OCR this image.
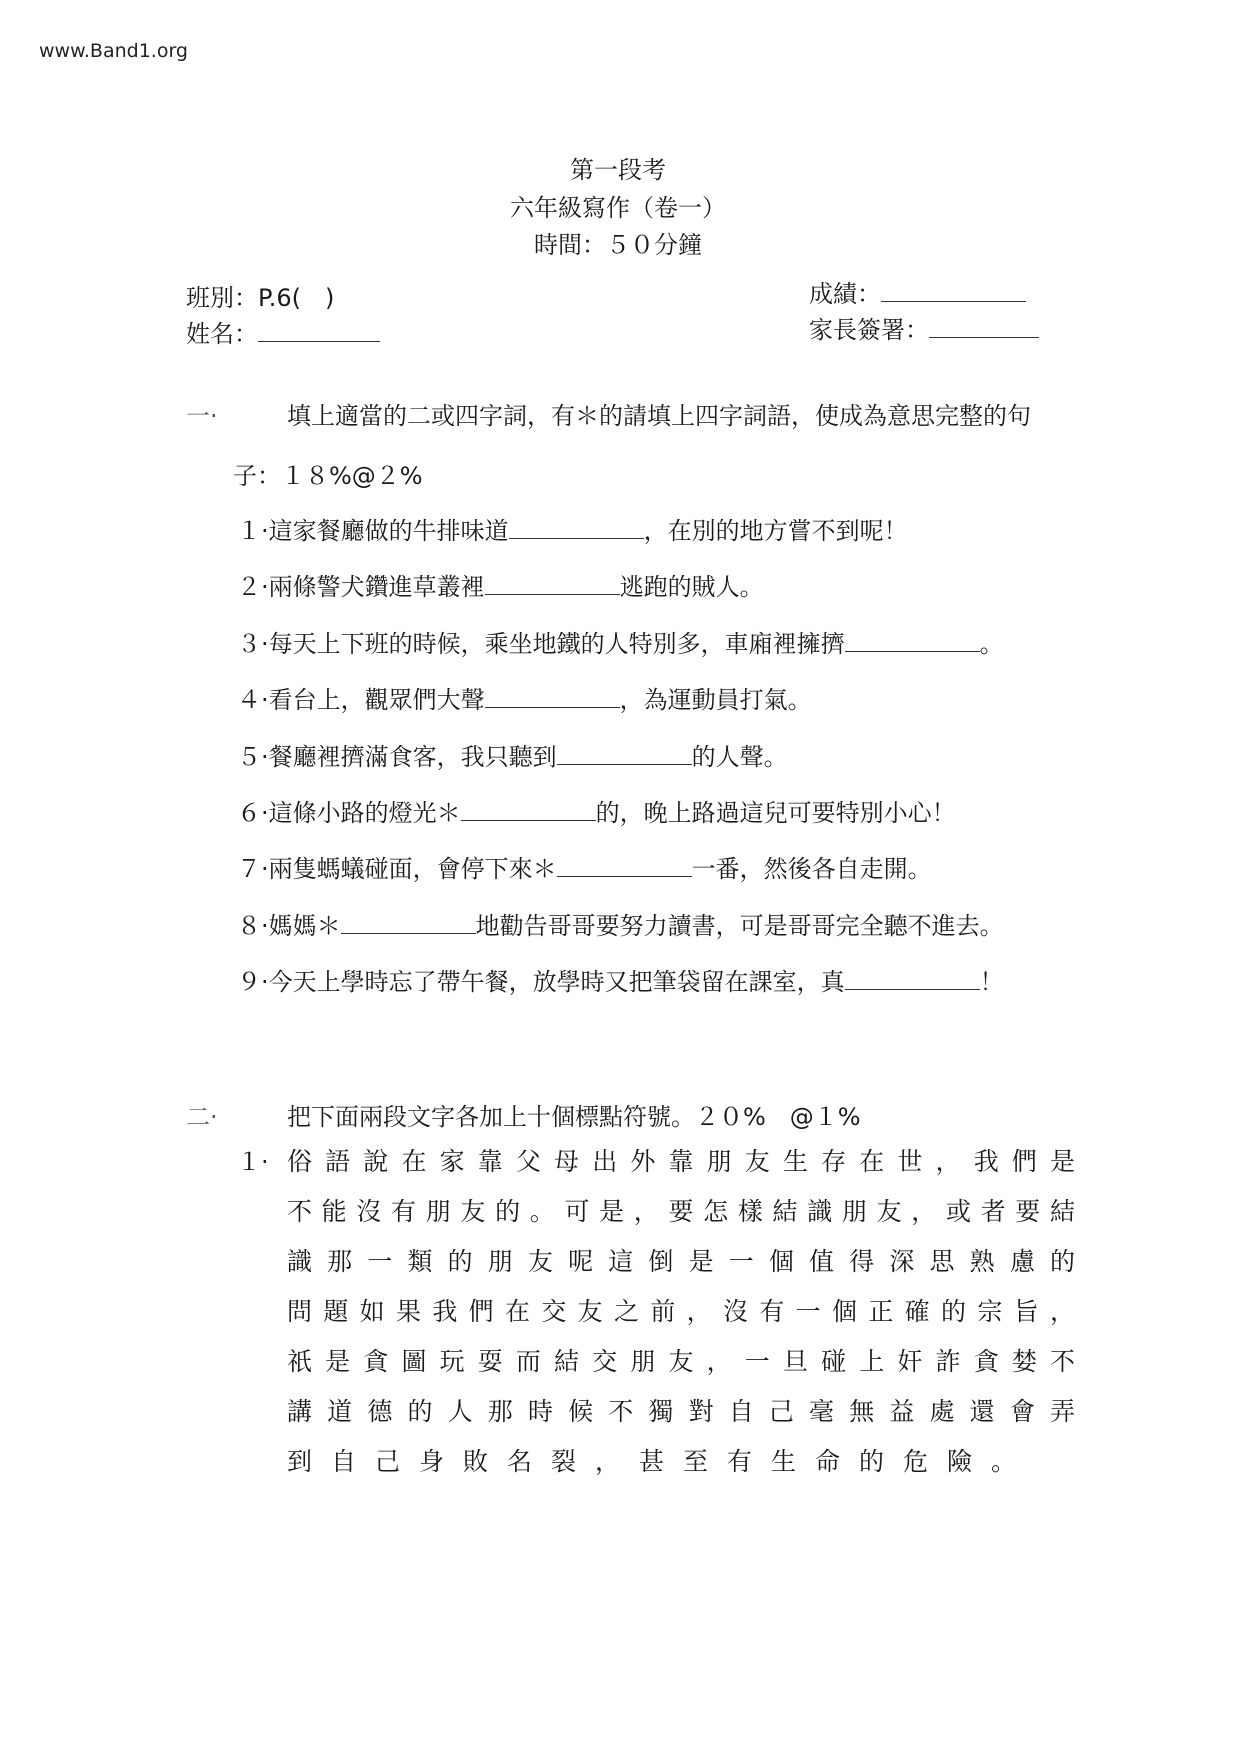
www.Band1.org
第一段考
六年級寫作（卷一）
時間：５０分鐘
班別：P.6(　)
姓名：
成績：
家長簽署：
一·	填上適當的二或四字詞，有＊的請填上四字詞語，使成為意思完整的句
子：１８%@２%
１·這家餐廳做的牛排味道	，在別的地方嘗不到呢！
２·兩條警犬鑽進草叢裡	逃跑的賊人。
３·每天上下班的時候，乘坐地鐵的人特別多，車廂裡擁擠	。
４·看台上，觀眾們大聲	，為運動員打氣。
５·餐廳裡擠滿食客，我只聽到	的人聲。
６·這條小路的燈光＊	的，晚上路過這兒可要特別小心！
７·兩隻螞蟻碰面，會停下來＊	一番，然後各自走開。
８·媽媽＊	地勸告哥哥要努力讀書，可是哥哥完全聽不進去。
９·今天上學時忘了帶午餐，放學時又把筆袋留在課室，真	！
二·	把下面兩段文字各加上十個標點符號。２０%　@１%
１· 俗語說在家靠父母出外靠朋友生存在世，我們是
不能沒有朋友的。可是，要怎樣結識朋友，或者要結
識那一類的朋友呢這倒是一個值得深思熟慮的
問題如果我們在交友之前，沒有一個正確的宗旨，
祇是貪圖玩耍而結交朋友，一旦碰上奸詐貪婪不
講道德的人那時候不獨對自己毫無益處還會弄
到自己身敗名裂，甚至有生命的危險。
